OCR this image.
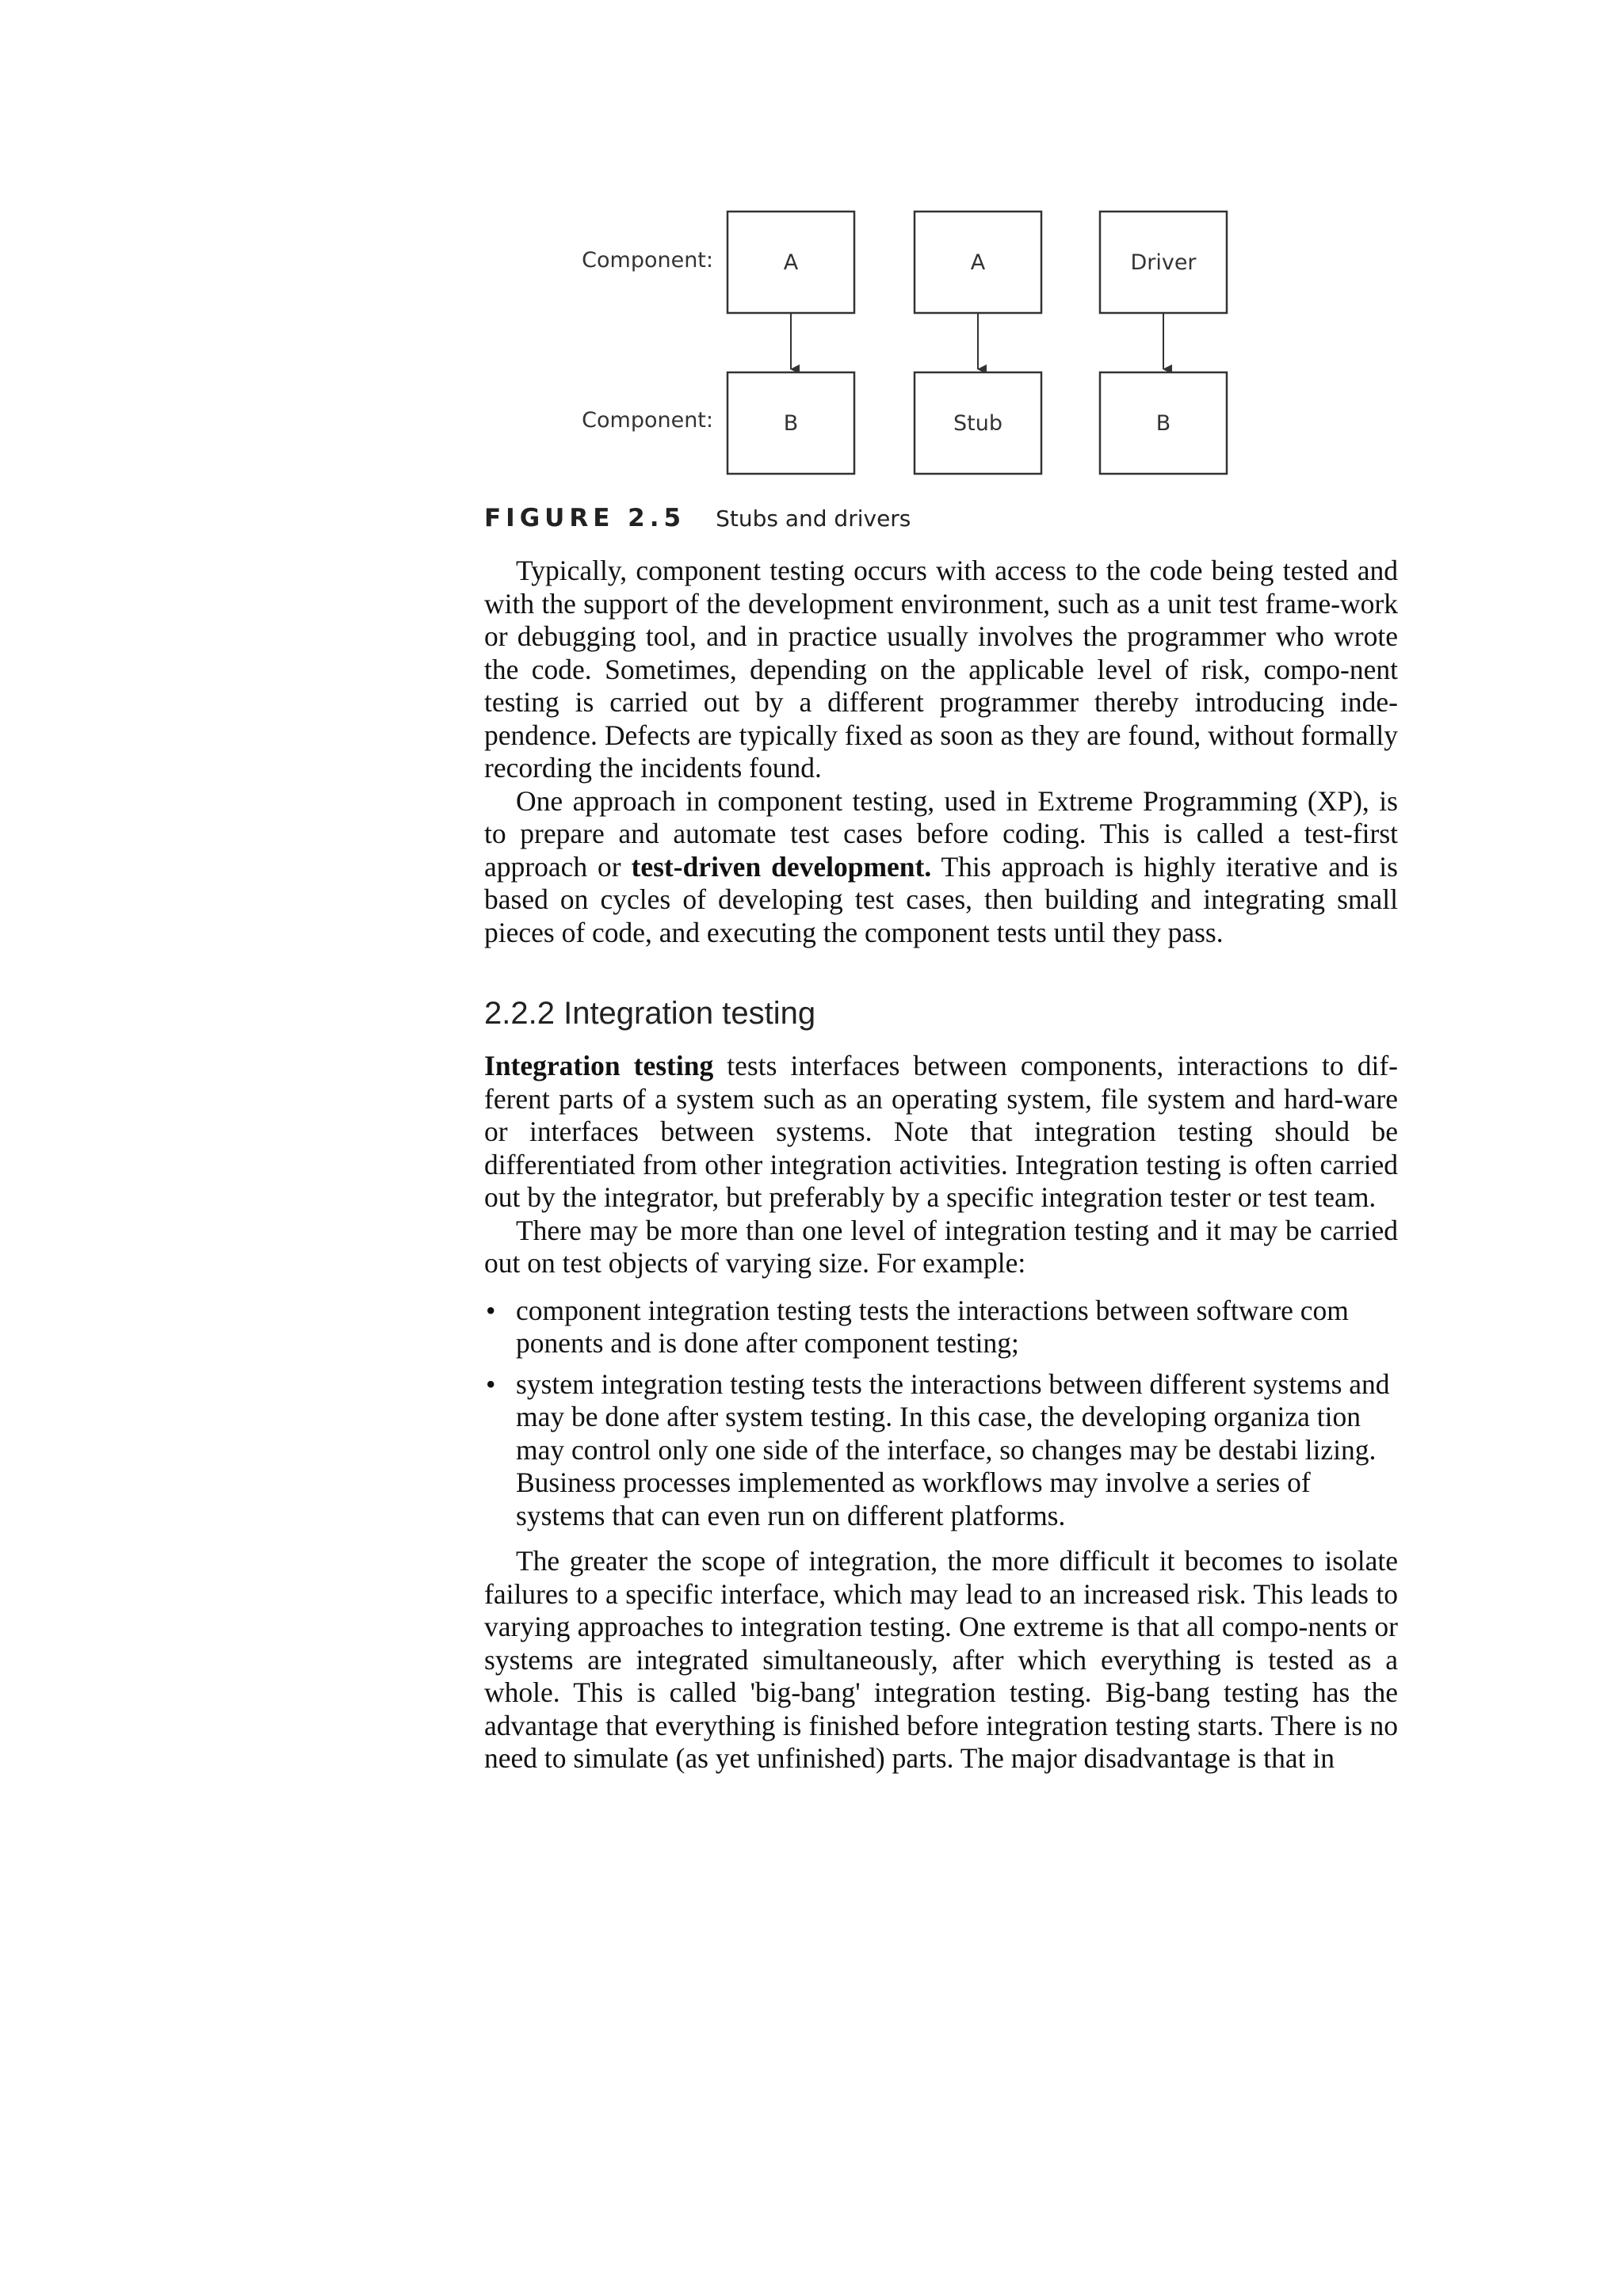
Component:
Component:
A	A	Driver
B	Stub	B
FIGURE 2.5 Stubs and drivers

Typically, component testing occurs with access to the code being tested and with the support of the development environment, such as a unit test frame-work or debugging tool, and in practice usually involves the programmer who wrote the code. Sometimes, depending on the applicable level of risk, compo-nent testing is carried out by a different programmer thereby introducing inde-pendence. Defects are typically fixed as soon as they are found, without formally recording the incidents found.

One approach in component testing, used in Extreme Programming (XP), is to prepare and automate test cases before coding. This is called a test-first approach or test-driven development. This approach is highly iterative and is based on cycles of developing test cases, then building and integrating small pieces of code, and executing the component tests until they pass.

2.2.2 Integration testing

Integration testing tests interfaces between components, interactions to dif-ferent parts of a system such as an operating system, file system and hard-ware or interfaces between systems. Note that integration testing should be differentiated from other integration activities. Integration testing is often carried out by the integrator, but preferably by a specific integration tester or test team.

There may be more than one level of integration testing and it may be carried out on test objects of varying size. For example:

• component integration testing tests the interactions between software com ponents and is done after component testing;
• system integration testing tests the interactions between different systems and may be done after system testing. In this case, the developing organiza tion may control only one side of the interface, so changes may be destabi lizing. Business processes implemented as workflows may involve a series of systems that can even run on different platforms.

The greater the scope of integration, the more difficult it becomes to isolate failures to a specific interface, which may lead to an increased risk. This leads to varying approaches to integration testing. One extreme is that all compo-nents or systems are integrated simultaneously, after which everything is tested as a whole. This is called 'big-bang' integration testing. Big-bang testing has the advantage that everything is finished before integration testing starts. There is no need to simulate (as yet unfinished) parts. The major disadvantage is that in
